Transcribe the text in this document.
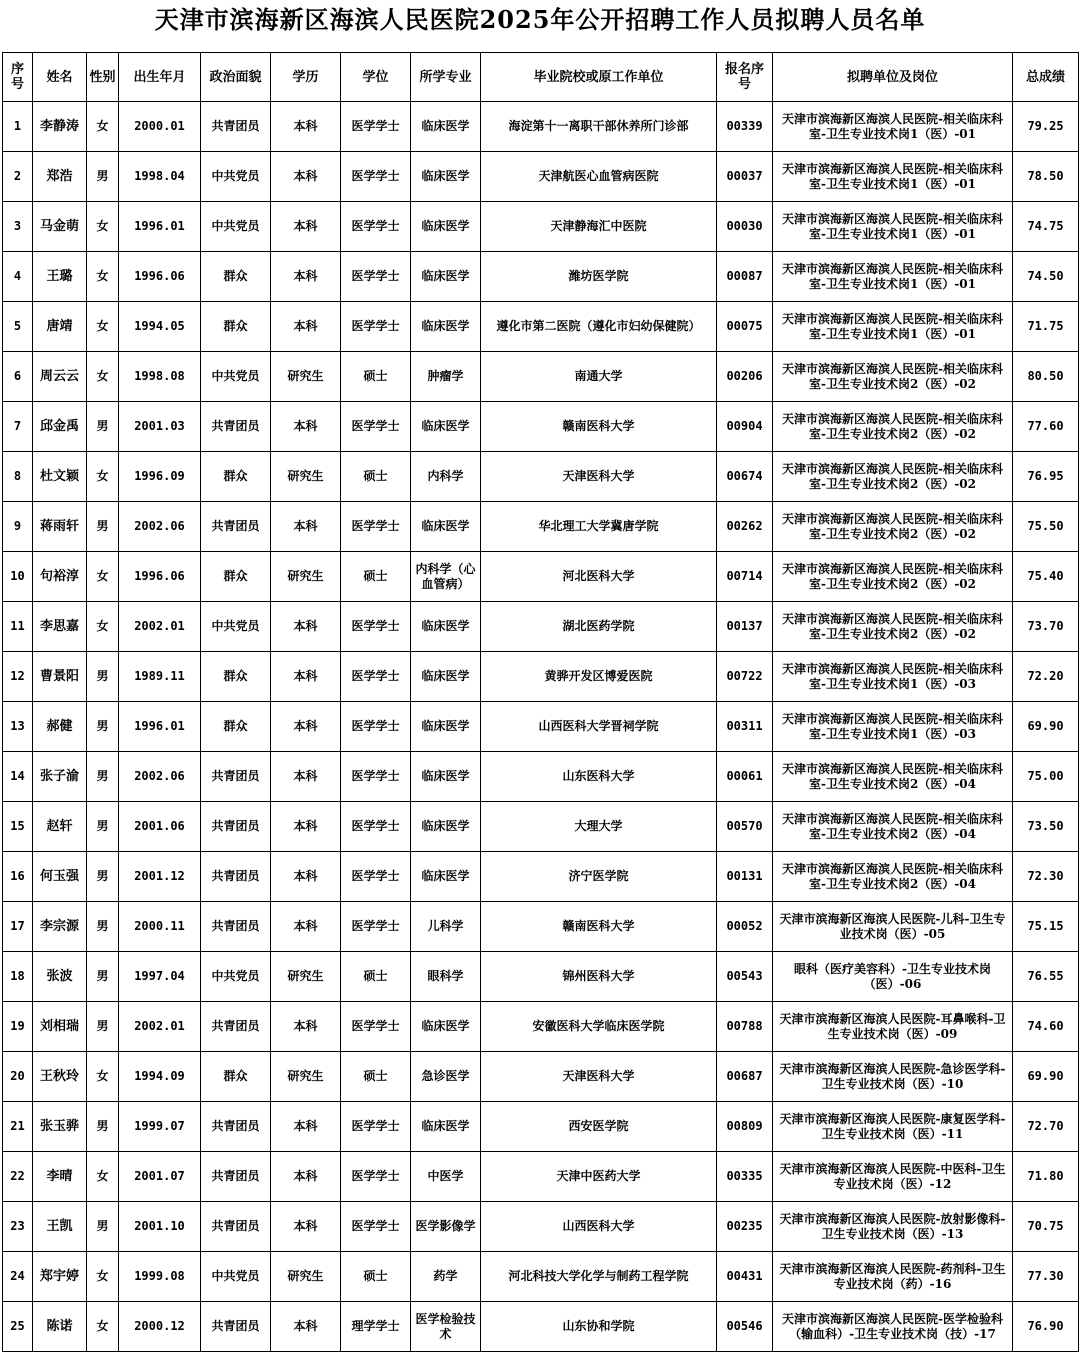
天津市滨海新区海滨人民医院2025年公开招聘工作人员拟聘人员名单
序号	姓名	性别	出生年月	政治面貌	学历	学位	所学专业	毕业院校或原工作单位	报名序号	拟聘单位及岗位	总成绩
1	李静涛	女	2000.01	共青团员	本科	医学学士	临床医学	海淀第十一离职干部休养所门诊部	00339	天津市滨海新区海滨人民医院-相关临床科室-卫生专业技术岗1（医）-01	79.25
2	郑浩	男	1998.04	中共党员	本科	医学学士	临床医学	天津航医心血管病医院	00037	天津市滨海新区海滨人民医院-相关临床科室-卫生专业技术岗1（医）-01	78.50
3	马金萌	女	1996.01	中共党员	本科	医学学士	临床医学	天津静海汇中医院	00030	天津市滨海新区海滨人民医院-相关临床科室-卫生专业技术岗1（医）-01	74.75
4	王璐	女	1996.06	群众	本科	医学学士	临床医学	潍坊医学院	00087	天津市滨海新区海滨人民医院-相关临床科室-卫生专业技术岗1（医）-01	74.50
5	唐靖	女	1994.05	群众	本科	医学学士	临床医学	遵化市第二医院（遵化市妇幼保健院）	00075	天津市滨海新区海滨人民医院-相关临床科室-卫生专业技术岗1（医）-01	71.75
6	周云云	女	1998.08	中共党员	研究生	硕士	肿瘤学	南通大学	00206	天津市滨海新区海滨人民医院-相关临床科室-卫生专业技术岗2（医）-02	80.50
7	邱金禹	男	2001.03	共青团员	本科	医学学士	临床医学	赣南医科大学	00904	天津市滨海新区海滨人民医院-相关临床科室-卫生专业技术岗2（医）-02	77.60
8	杜文颖	女	1996.09	群众	研究生	硕士	内科学	天津医科大学	00674	天津市滨海新区海滨人民医院-相关临床科室-卫生专业技术岗2（医）-02	76.95
9	蒋雨轩	男	2002.06	共青团员	本科	医学学士	临床医学	华北理工大学冀唐学院	00262	天津市滨海新区海滨人民医院-相关临床科室-卫生专业技术岗2（医）-02	75.50
10	句裕淳	女	1996.06	群众	研究生	硕士	内科学（心血管病）	河北医科大学	00714	天津市滨海新区海滨人民医院-相关临床科室-卫生专业技术岗2（医）-02	75.40
11	李思嘉	女	2002.01	中共党员	本科	医学学士	临床医学	湖北医药学院	00137	天津市滨海新区海滨人民医院-相关临床科室-卫生专业技术岗2（医）-02	73.70
12	曹景阳	男	1989.11	群众	本科	医学学士	临床医学	黄骅开发区博爱医院	00722	天津市滨海新区海滨人民医院-相关临床科室-卫生专业技术岗1（医）-03	72.20
13	郝健	男	1996.01	群众	本科	医学学士	临床医学	山西医科大学晋祠学院	00311	天津市滨海新区海滨人民医院-相关临床科室-卫生专业技术岗1（医）-03	69.90
14	张子渝	男	2002.06	共青团员	本科	医学学士	临床医学	山东医科大学	00061	天津市滨海新区海滨人民医院-相关临床科室-卫生专业技术岗2（医）-04	75.00
15	赵轩	男	2001.06	共青团员	本科	医学学士	临床医学	大理大学	00570	天津市滨海新区海滨人民医院-相关临床科室-卫生专业技术岗2（医）-04	73.50
16	何玉强	男	2001.12	共青团员	本科	医学学士	临床医学	济宁医学院	00131	天津市滨海新区海滨人民医院-相关临床科室-卫生专业技术岗2（医）-04	72.30
17	李宗源	男	2000.11	共青团员	本科	医学学士	儿科学	赣南医科大学	00052	天津市滨海新区海滨人民医院-儿科-卫生专业技术岗（医）-05	75.15
18	张波	男	1997.04	中共党员	研究生	硕士	眼科学	锦州医科大学	00543	眼科（医疗美容科）-卫生专业技术岗（医）-06	76.55
19	刘相瑞	男	2002.01	共青团员	本科	医学学士	临床医学	安徽医科大学临床医学院	00788	天津市滨海新区海滨人民医院-耳鼻喉科-卫生专业技术岗（医）-09	74.60
20	王秋玲	女	1994.09	群众	研究生	硕士	急诊医学	天津医科大学	00687	天津市滨海新区海滨人民医院-急诊医学科-卫生专业技术岗（医）-10	69.90
21	张玉骅	男	1999.07	共青团员	本科	医学学士	临床医学	西安医学院	00809	天津市滨海新区海滨人民医院-康复医学科-卫生专业技术岗（医）-11	72.70
22	李晴	女	2001.07	共青团员	本科	医学学士	中医学	天津中医药大学	00335	天津市滨海新区海滨人民医院-中医科-卫生专业技术岗（医）-12	71.80
23	王凯	男	2001.10	共青团员	本科	医学学士	医学影像学	山西医科大学	00235	天津市滨海新区海滨人民医院-放射影像科-卫生专业技术岗（医）-13	70.75
24	郑宇婷	女	1999.08	中共党员	研究生	硕士	药学	河北科技大学化学与制药工程学院	00431	天津市滨海新区海滨人民医院-药剂科-卫生专业技术岗（药）-16	77.30
25	陈诺	女	2000.12	共青团员	本科	理学学士	医学检验技术	山东协和学院	00546	天津市滨海新区海滨人民医院-医学检验科（输血科）-卫生专业技术岗（技）-17	76.90
